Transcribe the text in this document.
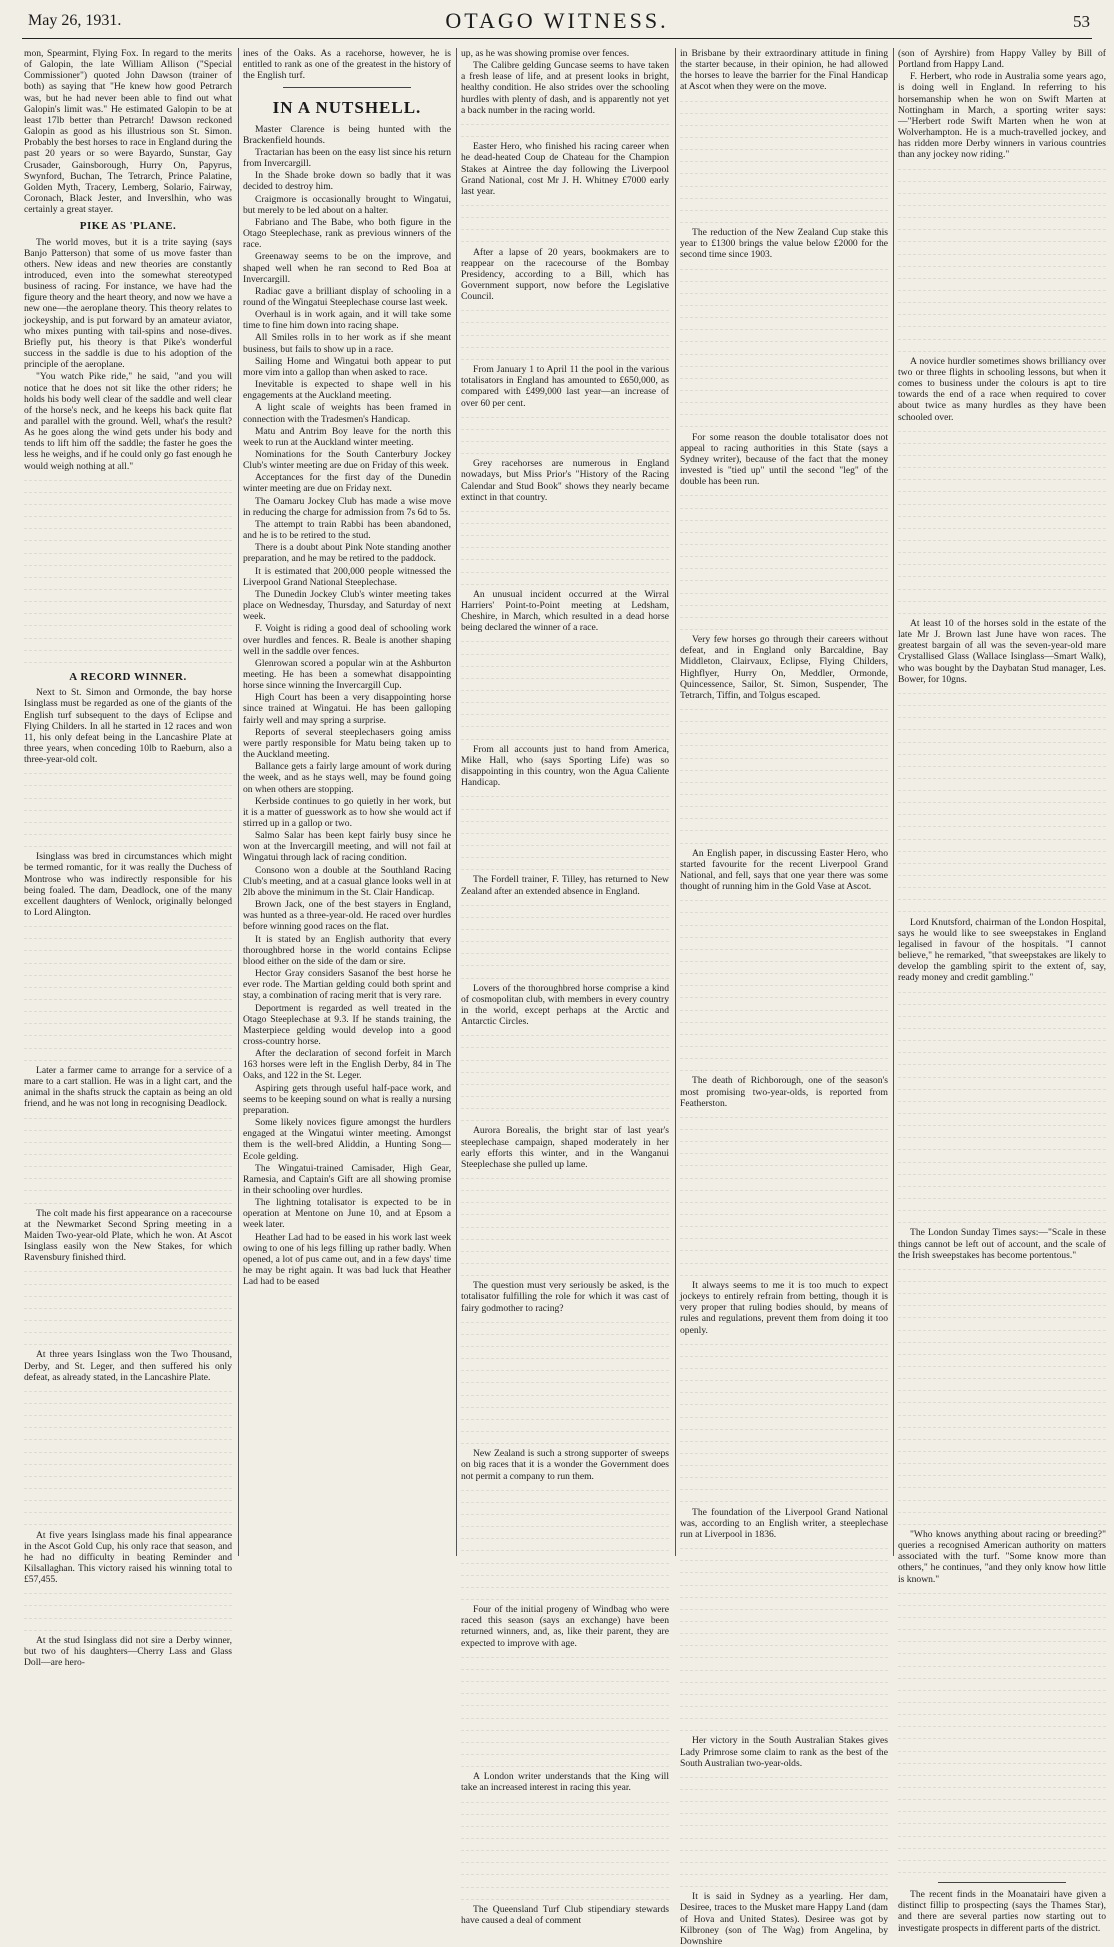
May 26, 1931.	OTAGO WITNESS.	53

mon, Spearmint, Flying Fox. In regard to the merits of Galopin, the late William Allison ("Special Commissioner") quoted John Dawson (trainer of both) as saying that "He knew how good Petrarch was, but he had never been able to find out what Galopin's limit was." He estimated Galopin to be at least 17lb better than Petrarch! Dawson reckoned Galopin as good as his illustrious son St. Simon. Probably the best horses to race in England during the past 20 years or so were Bayardo, Sunstar, Gay Crusader, Gainsborough, Hurry On, Papyrus, Swynford, Buchan, The Tetrarch, Prince Palatine, Golden Myth, Tracery, Lemberg, Solario, Fairway, Coronach, Black Jester, and Inverslhin, who was certainly a great stayer.

PIKE AS 'PLANE.

The world moves, but it is a trite saying (says Banjo Patterson) that some of us move faster than others. New ideas and new theories are constantly introduced, even into the somewhat stereotyped business of racing. For instance, we have had the figure theory and the heart theory, and now we have a new one—the aeroplane theory. This theory relates to jockeyship, and is put forward by an amateur aviator, who mixes punting with tail-spins and nose-dives. Briefly put, his theory is that Pike's wonderful success in the saddle is due to his adoption of the principle of the aeroplane.

"You watch Pike ride," he said, "and you will notice that he does not sit like the other riders; he holds his body well clear of the saddle and well clear of the horse's neck, and he keeps his back quite flat and parallel with the ground. Well, what's the result? As he goes along the wind gets under his body and tends to lift him off the saddle; the faster he goes the less he weighs, and if he could only go fast enough he would weigh nothing at all."

A RECORD WINNER.

Next to St. Simon and Ormonde, the bay horse Isinglass must be regarded as one of the giants of the English turf subsequent to the days of Eclipse and Flying Childers. In all he started in 12 races and won 11, his only defeat being in the Lancashire Plate at three years, when conceding 10lb to Raeburn, also a three-year-old colt.

Isinglass was bred in circumstances which might be termed romantic, for it was really the Duchess of Montrose who was indirectly responsible for his being foaled. The dam, Deadlock, one of the many excellent daughters of Wenlock, originally belonged to Lord Alington.

Later a farmer came to arrange for a service of a mare to a cart stallion. He was in a light cart, and the animal in the shafts struck the captain as being an old friend, and he was not long in recognising Deadlock.

The colt made his first appearance on a racecourse at the Newmarket Second Spring meeting in a Maiden Two-year-old Plate, which he won. At Ascot Isinglass easily won the New Stakes, for which Ravensbury finished third.

At three years Isinglass won the Two Thousand, Derby, and St. Leger, and then suffered his only defeat, as already stated, in the Lancashire Plate.

At five years Isinglass made his final appearance in the Ascot Gold Cup, his only race that season, and he had no difficulty in beating Reminder and Kilsallaghan. This victory raised his winning total to £57,455.

At the stud Isinglass did not sire a Derby winner, but two of his daughters—Cherry Lass and Glass Doll—are hero-

ines of the Oaks. As a racehorse, however, he is entitled to rank as one of the greatest in the history of the English turf.

IN A NUTSHELL.

Master Clarence is being hunted with the Brackenfield hounds.

Tractarian has been on the easy list since his return from Invercargill.

In the Shade broke down so badly that it was decided to destroy him.

Craigmore is occasionally brought to Wingatui, but merely to be led about on a halter.

Fabriano and The Babe, who both figure in the Otago Steeplechase, rank as previous winners of the race.

Greenaway seems to be on the improve, and shaped well when he ran second to Red Boa at Invercargill.

Radiac gave a brilliant display of schooling in a round of the Wingatui Steeplechase course last week.

Overhaul is in work again, and it will take some time to fine him down into racing shape.

All Smiles rolls in to her work as if she meant business, but fails to show up in a race.

Sailing Home and Wingatui both appear to put more vim into a gallop than when asked to race.

Inevitable is expected to shape well in his engagements at the Auckland meeting.

A light scale of weights has been framed in connection with the Tradesmen's Handicap.

Matu and Antrim Boy leave for the north this week to run at the Auckland winter meeting.

Nominations for the South Canterbury Jockey Club's winter meeting are due on Friday of this week.

Acceptances for the first day of the Dunedin winter meeting are due on Friday next.

The Oamaru Jockey Club has made a wise move in reducing the charge for admission from 7s 6d to 5s.

The attempt to train Rabbi has been abandoned, and he is to be retired to the stud.

There is a doubt about Pink Note standing another preparation, and he may be retired to the paddock.

It is estimated that 200,000 people witnessed the Liverpool Grand National Steeplechase.

The Dunedin Jockey Club's winter meeting takes place on Wednesday, Thursday, and Saturday of next week.

F. Voight is riding a good deal of schooling work over hurdles and fences. R. Beale is another shaping well in the saddle over fences.

Glenrowan scored a popular win at the Ashburton meeting. He has been a somewhat disappointing horse since winning the Invercargill Cup.

High Court has been a very disappointing horse since trained at Wingatui. He has been galloping fairly well and may spring a surprise.

Reports of several steeplechasers going amiss were partly responsible for Matu being taken up to the Auckland meeting.

Ballance gets a fairly large amount of work during the week, and as he stays well, may be found going on when others are stopping.

Kerbside continues to go quietly in her work, but it is a matter of guesswork as to how she would act if stirred up in a gallop or two.

Salmo Salar has been kept fairly busy since he won at the Invercargill meeting, and will not fail at Wingatui through lack of racing condition.

Consono won a double at the Southland Racing Club's meeting, and at a casual glance looks well in at 2lb above the minimum in the St. Clair Handicap.

Brown Jack, one of the best stayers in England, was hunted as a three-year-old. He raced over hurdles before winning good races on the flat.

It is stated by an English authority that every thoroughbred horse in the world contains Eclipse blood either on the side of the dam or sire.

Hector Gray considers Sasanof the best horse he ever rode. The Martian gelding could both sprint and stay, a combination of racing merit that is very rare.

Deportment is regarded as well treated in the Otago Steeplechase at 9.3. If he stands training, the Masterpiece gelding would develop into a good cross-country horse.

After the declaration of second forfeit in March 163 horses were left in the English Derby, 84 in The Oaks, and 122 in the St. Leger.

Aspiring gets through useful half-pace work, and seems to be keeping sound on what is really a nursing preparation.

Some likely novices figure amongst the hurdlers engaged at the Wingatui winter meeting. Amongst them is the well-bred Aliddin, a Hunting Song—Ecole gelding.

The Wingatui-trained Camisader, High Gear, Ramesia, and Captain's Gift are all showing promise in their schooling over hurdles.

The lightning totalisator is expected to be in operation at Mentone on June 10, and at Epsom a week later.

Heather Lad had to be eased in his work last week owing to one of his legs filling up rather badly. When opened, a lot of pus came out, and in a few days' time he may be right again. It was bad luck that Heather Lad had to be eased

up, as he was showing promise over fences.

The Calibre gelding Guncase seems to have taken a fresh lease of life, and at present looks in bright, healthy condition. He also strides over the schooling hurdles with plenty of dash, and is apparently not yet a back number in the racing world.

Easter Hero, who finished his racing career when he dead-heated Coup de Chateau for the Champion Stakes at Aintree the day following the Liverpool Grand National, cost Mr J. H. Whitney £7000 early last year.

After a lapse of 20 years, bookmakers are to reappear on the racecourse of the Bombay Presidency, according to a Bill, which has Government support, now before the Legislative Council.

From January 1 to April 11 the pool in the various totalisators in England has amounted to £650,000, as compared with £499,000 last year—an increase of over 60 per cent.

Grey racehorses are numerous in England nowadays, but Miss Prior's "History of the Racing Calendar and Stud Book" shows they nearly became extinct in that country.

An unusual incident occurred at the Wirral Harriers' Point-to-Point meeting at Ledsham, Cheshire, in March, which resulted in a dead horse being declared the winner of a race.

From all accounts just to hand from America, Mike Hall, who (says Sporting Life) was so disappointing in this country, won the Agua Caliente Handicap.

The Fordell trainer, F. Tilley, has returned to New Zealand after an extended absence in England.

Lovers of the thoroughbred horse comprise a kind of cosmopolitan club, with members in every country in the world, except perhaps at the Arctic and Antarctic Circles.

Aurora Borealis, the bright star of last year's steeplechase campaign, shaped moderately in her early efforts this winter, and in the Wanganui Steeplechase she pulled up lame.

The question must very seriously be asked, is the totalisator fulfilling the role for which it was cast of fairy godmother to racing?

New Zealand is such a strong supporter of sweeps on big races that it is a wonder the Government does not permit a company to run them.

Four of the initial progeny of Windbag who were raced this season (says an exchange) have been returned winners, and, as, like their parent, they are expected to improve with age.

A London writer understands that the King will take an increased interest in racing this year.

The Queensland Turf Club stipendiary stewards have caused a deal of comment

in Brisbane by their extraordinary attitude in fining the starter because, in their opinion, he had allowed the horses to leave the barrier for the Final Handicap at Ascot when they were on the move.

The reduction of the New Zealand Cup stake this year to £1300 brings the value below £2000 for the second time since 1903.

For some reason the double totalisator does not appeal to racing authorities in this State (says a Sydney writer), because of the fact that the money invested is "tied up" until the second "leg" of the double has been run.

Very few horses go through their careers without defeat, and in England only Barcaldine, Bay Middleton, Clairvaux, Eclipse, Flying Childers, Highflyer, Hurry On, Meddler, Ormonde, Quincessence, Sailor, St. Simon, Suspender, The Tetrarch, Tiffin, and Tolgus escaped.

An English paper, in discussing Easter Hero, who started favourite for the recent Liverpool Grand National, and fell, says that one year there was some thought of running him in the Gold Vase at Ascot.

The death of Richborough, one of the season's most promising two-year-olds, is reported from Featherston.

It always seems to me it is too much to expect jockeys to entirely refrain from betting, though it is very proper that ruling bodies should, by means of rules and regulations, prevent them from doing it too openly.

The foundation of the Liverpool Grand National was, according to an English writer, a steeplechase run at Liverpool in 1836.

Her victory in the South Australian Stakes gives Lady Primrose some claim to rank as the best of the South Australian two-year-olds.

It is said in Sydney as a yearling. Her dam, Desiree, traces to the Musket mare Happy Land (dam of Hova and United States). Desiree was got by Kilbroney (son of The Wag) from Angelina, by Downshire

(son of Ayrshire) from Happy Valley by Bill of Portland from Happy Land.

F. Herbert, who rode in Australia some years ago, is doing well in England. In referring to his horsemanship when he won on Swift Marten at Nottingham in March, a sporting writer says:—"Herbert rode Swift Marten when he won at Wolverhampton. He is a much-travelled jockey, and has ridden more Derby winners in various countries than any jockey now riding."

A novice hurdler sometimes shows brilliancy over two or three flights in schooling lessons, but when it comes to business under the colours is apt to tire towards the end of a race when required to cover about twice as many hurdles as they have been schooled over.

At least 10 of the horses sold in the estate of the late Mr J. Brown last June have won races. The greatest bargain of all was the seven-year-old mare Crystallised Glass (Wallace Isinglass—Smart Walk), who was bought by the Daybatan Stud manager, Les. Bower, for 10gns.

Lord Knutsford, chairman of the London Hospital, says he would like to see sweepstakes in England legalised in favour of the hospitals. "I cannot believe," he remarked, "that sweepstakes are likely to develop the gambling spirit to the extent of, say, ready money and credit gambling."

The London Sunday Times says:—"Scale in these things cannot be left out of account, and the scale of the Irish sweepstakes has become portentous."

"Who knows anything about racing or breeding?" queries a recognised American authority on matters associated with the turf. "Some know more than others," he continues, "and they only know how little is known."

The recent finds in the Moanatairi have given a distinct fillip to prospecting (says the Thames Star), and there are several parties now starting out to investigate prospects in different parts of the district.
